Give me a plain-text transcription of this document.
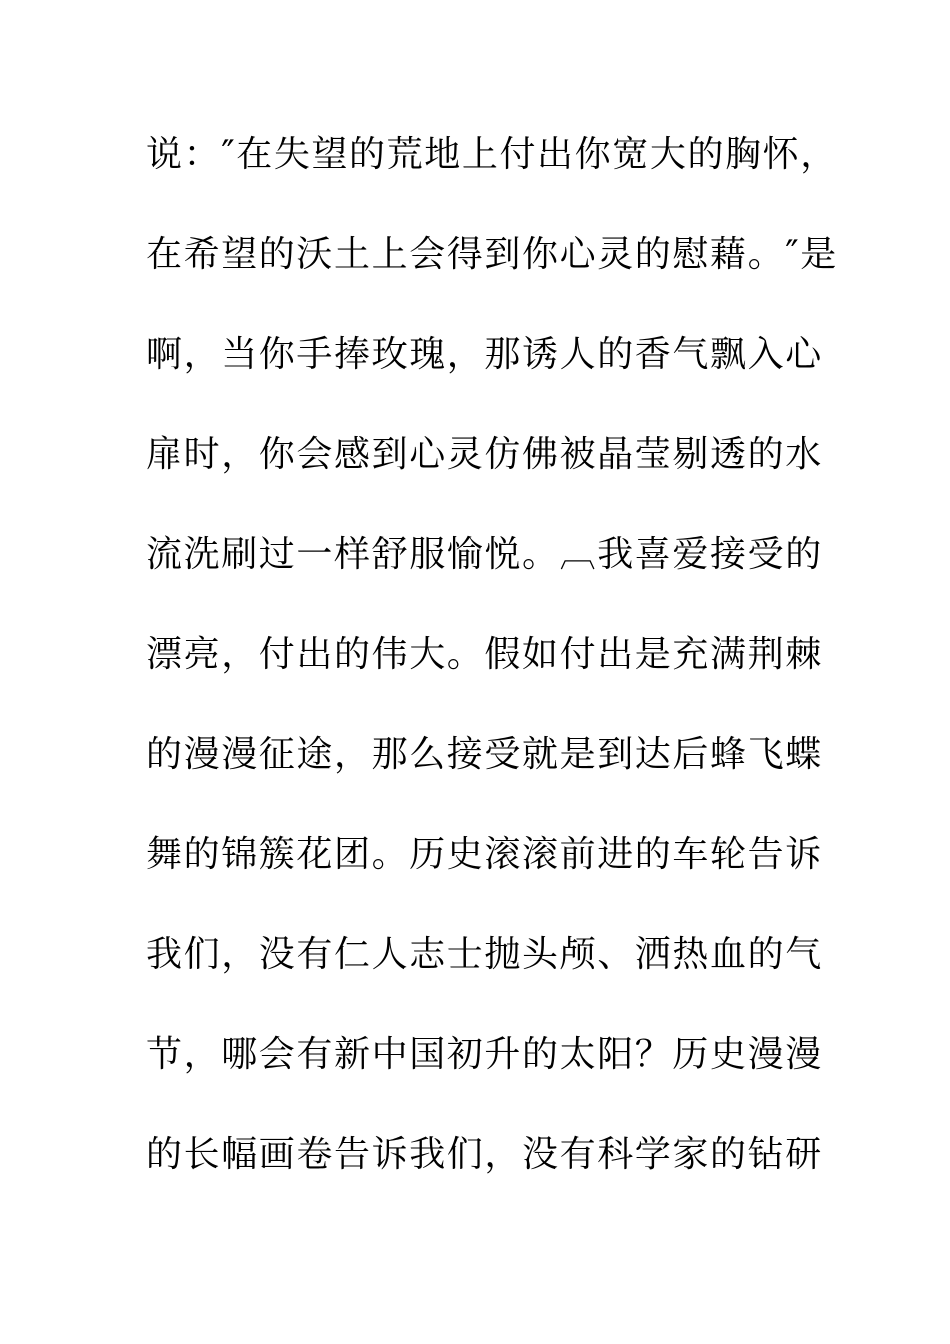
说：″在失望的荒地上付出你宽大的胸怀，
在希望的沃土上会得到你心灵的慰藉。″是
啊，当你手捧玫瑰，那诱人的香气飘入心
扉时，你会感到心灵仿佛被晶莹剔透的水
流洗刷过一样舒服愉悦。︹我喜爱接受的
漂亮，付出的伟大。假如付出是充满荆棘
的漫漫征途，那么接受就是到达后蜂飞蝶
舞的锦簇花团。历史滚滚前进的车轮告诉
我们，没有仁人志士抛头颅、洒热血的气
节，哪会有新中国初升的太阳？历史漫漫
的长幅画卷告诉我们，没有科学家的钻研
